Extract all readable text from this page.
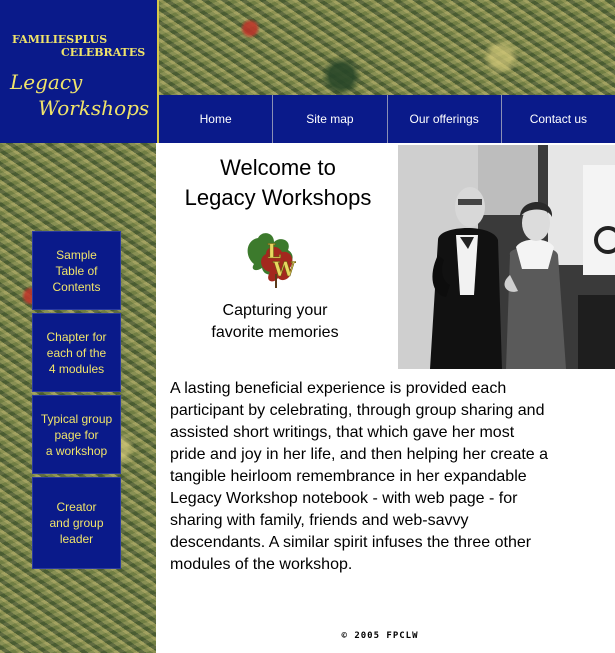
FAMILIESPLUS
CELEBRATES
Legacy
Workshops	Home	Site map	Our offerings	Contact us
Sample
Table of
Contents
Chapter for
each of the
4 modules
Typical group
page for
a workshop
Creator
and group
leader
Welcome to
Legacy Workshops
L
W
Capturing your
favorite memories
A lasting beneficial experience is provided each
participant by celebrating, through group sharing and
assisted short writings, that which gave her most
pride and joy in her life, and then helping her create a
tangible heirloom remembrance in her expandable
Legacy Workshop notebook - with web page - for
sharing with family, friends and web-savvy
descendants. A similar spirit infuses the three other
modules of the workshop.
© 2005 FPCLW
